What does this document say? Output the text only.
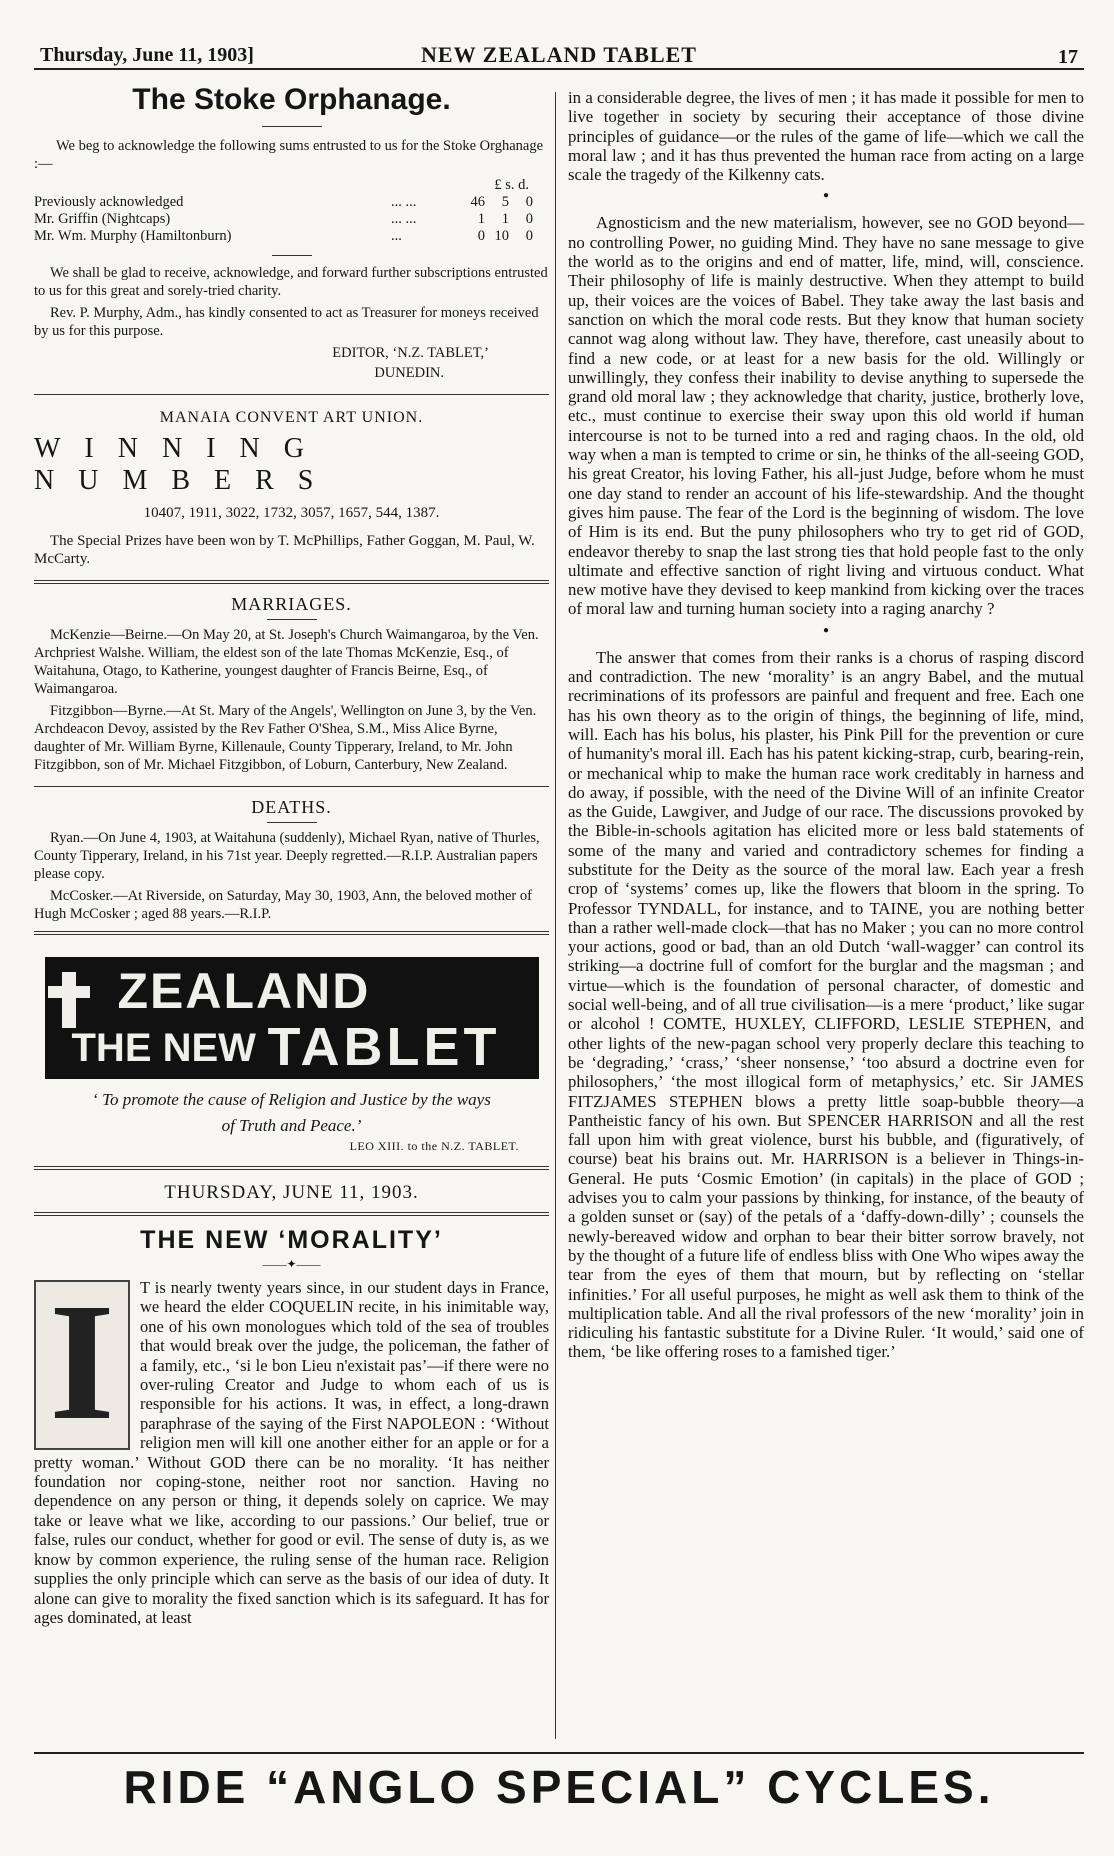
Thursday, June 11, 1903]	NEW ZEALAND TABLET	17
The Stoke Orphanage.

We beg to acknowledge the following sums entrusted to us for the Stoke Orghanage :—

		£ s. d.		
Previously acknowledged	... ...	46	5	0
Mr. Griffin (Nightcaps)	... ...	1	1	0
Mr. Wm. Murphy (Hamiltonburn)	...	0	10	0

We shall be glad to receive, acknowledge, and forward further subscriptions entrusted to us for this great and sorely-tried charity.

Rev. P. Murphy, Adm., has kindly consented to act as Treasurer for moneys received by us for this purpose.

EDITOR, ‘N.Z. TABLET,’

DUNEDIN.

MANAIA CONVENT ART UNION.

WINNING NUMBERS

10407, 1911, 3022, 1732, 3057, 1657, 544, 1387.

The Special Prizes have been won by T. McPhillips, Father Goggan, M. Paul, W. McCarty.

MARRIAGES.

McKenzie—Beirne.—On May 20, at St. Joseph's Church Waimangaroa, by the Ven. Archpriest Walshe. William, the eldest son of the late Thomas McKenzie, Esq., of Waitahuna, Otago, to Katherine, youngest daughter of Francis Beirne, Esq., of Waimangaroa.

Fitzgibbon—Byrne.—At St. Mary of the Angels', Wellington on June 3, by the Ven. Archdeacon Devoy, assisted by the Rev Father O'Shea, S.M., Miss Alice Byrne, daughter of Mr. William Byrne, Killenaule, County Tipperary, Ireland, to Mr. John Fitzgibbon, son of Mr. Michael Fitzgibbon, of Loburn, Canterbury, New Zealand.

DEATHS.

Ryan.—On June 4, 1903, at Waitahuna (suddenly), Michael Ryan, native of Thurles, County Tipperary, Ireland, in his 71st year. Deeply regretted.—R.I.P. Australian papers please copy.

McCosker.—At Riverside, on Saturday, May 30, 1903, Ann, the beloved mother of Hugh McCosker ; aged 88 years.—R.I.P.

ZEALAND
THE NEW TABLET

‘ To promote the cause of Religion and Justice by the ways

of Truth and Peace.’

LEO XIII. to the N.Z. TABLET.

THURSDAY, JUNE 11, 1903.

THE NEW ‘MORALITY’

——✦——

I	T is nearly twenty years since, in our student days in France, we heard the elder COQUELIN recite, in his inimitable way, one of his own monologues which told of the sea of troubles that would break over the judge, the policeman, the father of a family, etc., ‘si le bon Lieu n'existait pas’—if there were no over-ruling Creator and Judge to whom each of us is responsible for his actions. It was, in effect, a long-drawn paraphrase of the saying of the First NAPOLEON : ‘Without religion men will kill one another either for an apple or for a pretty woman.’ Without GOD there can be no morality. ‘It has neither foundation nor coping-stone, neither root nor sanction. Having no dependence on any person or thing, it depends solely on caprice. We may take or leave what we like, according to our passions.’ Our belief, true or false, rules our conduct, whether for good or evil. The sense of duty is, as we know by common experience, the ruling sense of the human race. Religion supplies the only principle which can serve as the basis of our idea of duty. It alone can give to morality the fixed sanction which is its safeguard. It has for ages dominated, at least

in a considerable degree, the lives of men ; it has made it possible for men to live together in society by securing their acceptance of those divine principles of guidance—or the rules of the game of life—which we call the moral law ; and it has thus prevented the human race from acting on a large scale the tragedy of the Kilkenny cats.

●

Agnosticism and the new materialism, however, see no GOD beyond—no controlling Power, no guiding Mind. They have no sane message to give the world as to the origins and end of matter, life, mind, will, conscience. Their philosophy of life is mainly destructive. When they attempt to build up, their voices are the voices of Babel. They take away the last basis and sanction on which the moral code rests. But they know that human society cannot wag along without law. They have, therefore, cast uneasily about to find a new code, or at least for a new basis for the old. Willingly or unwillingly, they confess their inability to devise anything to supersede the grand old moral law ; they acknowledge that charity, justice, brotherly love, etc., must continue to exercise their sway upon this old world if human intercourse is not to be turned into a red and raging chaos. In the old, old way when a man is tempted to crime or sin, he thinks of the all-seeing GOD, his great Creator, his loving Father, his all-just Judge, before whom he must one day stand to render an account of his life-stewardship. And the thought gives him pause. The fear of the Lord is the beginning of wisdom. The love of Him is its end. But the puny philosophers who try to get rid of GOD, endeavor thereby to snap the last strong ties that hold people fast to the only ultimate and effective sanction of right living and virtuous conduct. What new motive have they devised to keep mankind from kicking over the traces of moral law and turning human society into a raging anarchy ?

●

The answer that comes from their ranks is a chorus of rasping discord and contradiction. The new ‘morality’ is an angry Babel, and the mutual recriminations of its professors are painful and frequent and free. Each one has his own theory as to the origin of things, the beginning of life, mind, will. Each has his bolus, his plaster, his Pink Pill for the prevention or cure of humanity's moral ill. Each has his patent kicking-strap, curb, bearing-rein, or mechanical whip to make the human race work creditably in harness and do away, if possible, with the need of the Divine Will of an infinite Creator as the Guide, Lawgiver, and Judge of our race. The discussions provoked by the Bible-in-schools agitation has elicited more or less bald statements of some of the many and varied and contradictory schemes for finding a substitute for the Deity as the source of the moral law. Each year a fresh crop of ‘systems’ comes up, like the flowers that bloom in the spring. To Professor TYNDALL, for instance, and to TAINE, you are nothing better than a rather well-made clock—that has no Maker ; you can no more control your actions, good or bad, than an old Dutch ‘wall-wagger’ can control its striking—a doctrine full of comfort for the burglar and the magsman ; and virtue—which is the foundation of personal character, of domestic and social well-being, and of all true civilisation—is a mere ‘product,’ like sugar or alcohol ! COMTE, HUXLEY, CLIFFORD, LESLIE STEPHEN, and other lights of the new-pagan school very properly declare this teaching to be ‘degrading,’ ‘crass,’ ‘sheer nonsense,’ ‘too absurd a doctrine even for philosophers,’ ‘the most illogical form of metaphysics,’ etc. Sir JAMES FITZJAMES STEPHEN blows a pretty little soap-bubble theory—a Pantheistic fancy of his own. But SPENCER HARRISON and all the rest fall upon him with great violence, burst his bubble, and (figuratively, of course) beat his brains out. Mr. HARRISON is a believer in Things-in-General. He puts ‘Cosmic Emotion’ (in capitals) in the place of GOD ; advises you to calm your passions by thinking, for instance, of the beauty of a golden sunset or (say) of the petals of a ‘daffy-down-dilly’ ; counsels the newly-bereaved widow and orphan to bear their bitter sorrow bravely, not by the thought of a future life of endless bliss with One Who wipes away the tear from the eyes of them that mourn, but by reflecting on ‘stellar infinities.’ For all useful purposes, he might as well ask them to think of the multiplication table. And all the rival professors of the new ‘morality’ join in ridiculing his fantastic substitute for a Divine Ruler. ‘It would,’ said one of them, ‘be like offering roses to a famished tiger.’

RIDE “ANGLO SPECIAL” CYCLES.
